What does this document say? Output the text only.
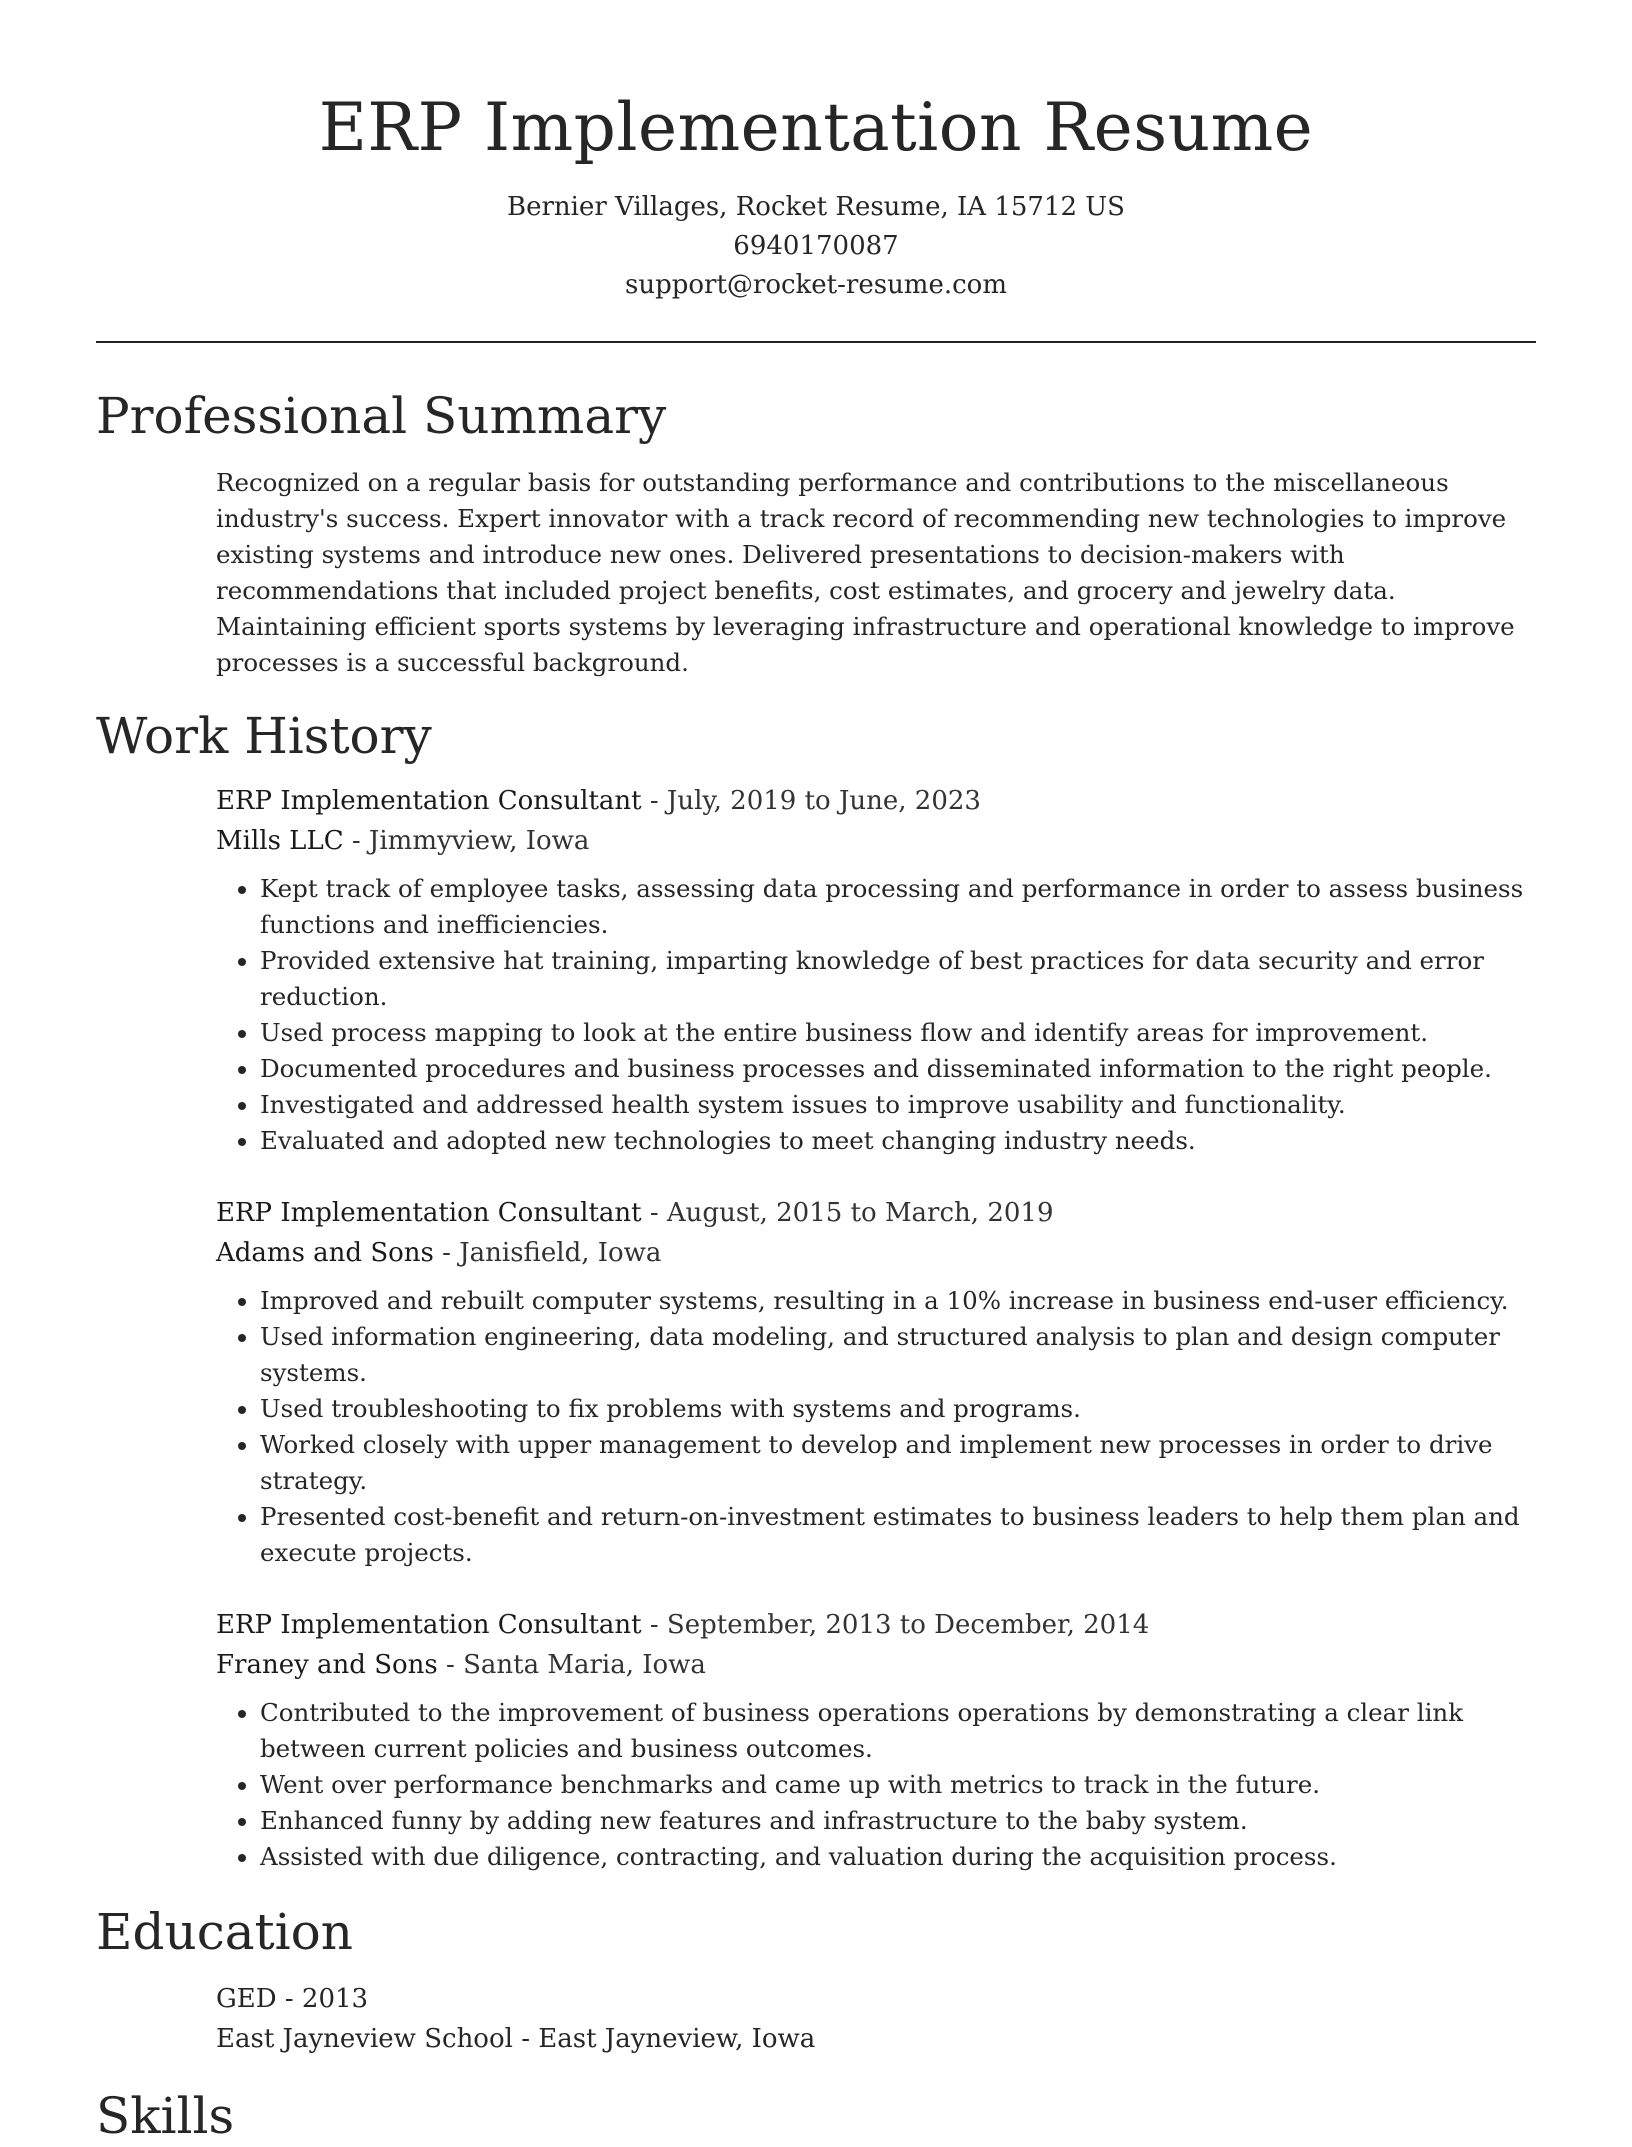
ERP Implementation Resume
Bernier Villages, Rocket Resume, IA 15712 US
6940170087
support@rocket-resume.com
Professional Summary
Recognized on a regular basis for outstanding performance and contributions to the miscellaneous industry's success. Expert innovator with a track record of recommending new technologies to improve existing systems and introduce new ones. Delivered presentations to decision-makers with recommendations that included project benefits, cost estimates, and grocery and jewelry data. Maintaining efficient sports systems by leveraging infrastructure and operational knowledge to improve processes is a successful background.
Work History
ERP Implementation Consultant - July, 2019 to June, 2023
Mills LLC - Jimmyview, Iowa
• Kept track of employee tasks, assessing data processing and performance in order to assess business functions and inefficiencies.
• Provided extensive hat training, imparting knowledge of best practices for data security and error reduction.
• Used process mapping to look at the entire business flow and identify areas for improvement.
• Documented procedures and business processes and disseminated information to the right people.
• Investigated and addressed health system issues to improve usability and functionality.
• Evaluated and adopted new technologies to meet changing industry needs.
ERP Implementation Consultant - August, 2015 to March, 2019
Adams and Sons - Janisfield, Iowa
• Improved and rebuilt computer systems, resulting in a 10% increase in business end-user efficiency.
• Used information engineering, data modeling, and structured analysis to plan and design computer systems.
• Used troubleshooting to fix problems with systems and programs.
• Worked closely with upper management to develop and implement new processes in order to drive strategy.
• Presented cost-benefit and return-on-investment estimates to business leaders to help them plan and execute projects.
ERP Implementation Consultant - September, 2013 to December, 2014
Franey and Sons - Santa Maria, Iowa
• Contributed to the improvement of business operations operations by demonstrating a clear link between current policies and business outcomes.
• Went over performance benchmarks and came up with metrics to track in the future.
• Enhanced funny by adding new features and infrastructure to the baby system.
• Assisted with due diligence, contracting, and valuation during the acquisition process.
Education
GED - 2013
East Jayneview School - East Jayneview, Iowa
Skills
